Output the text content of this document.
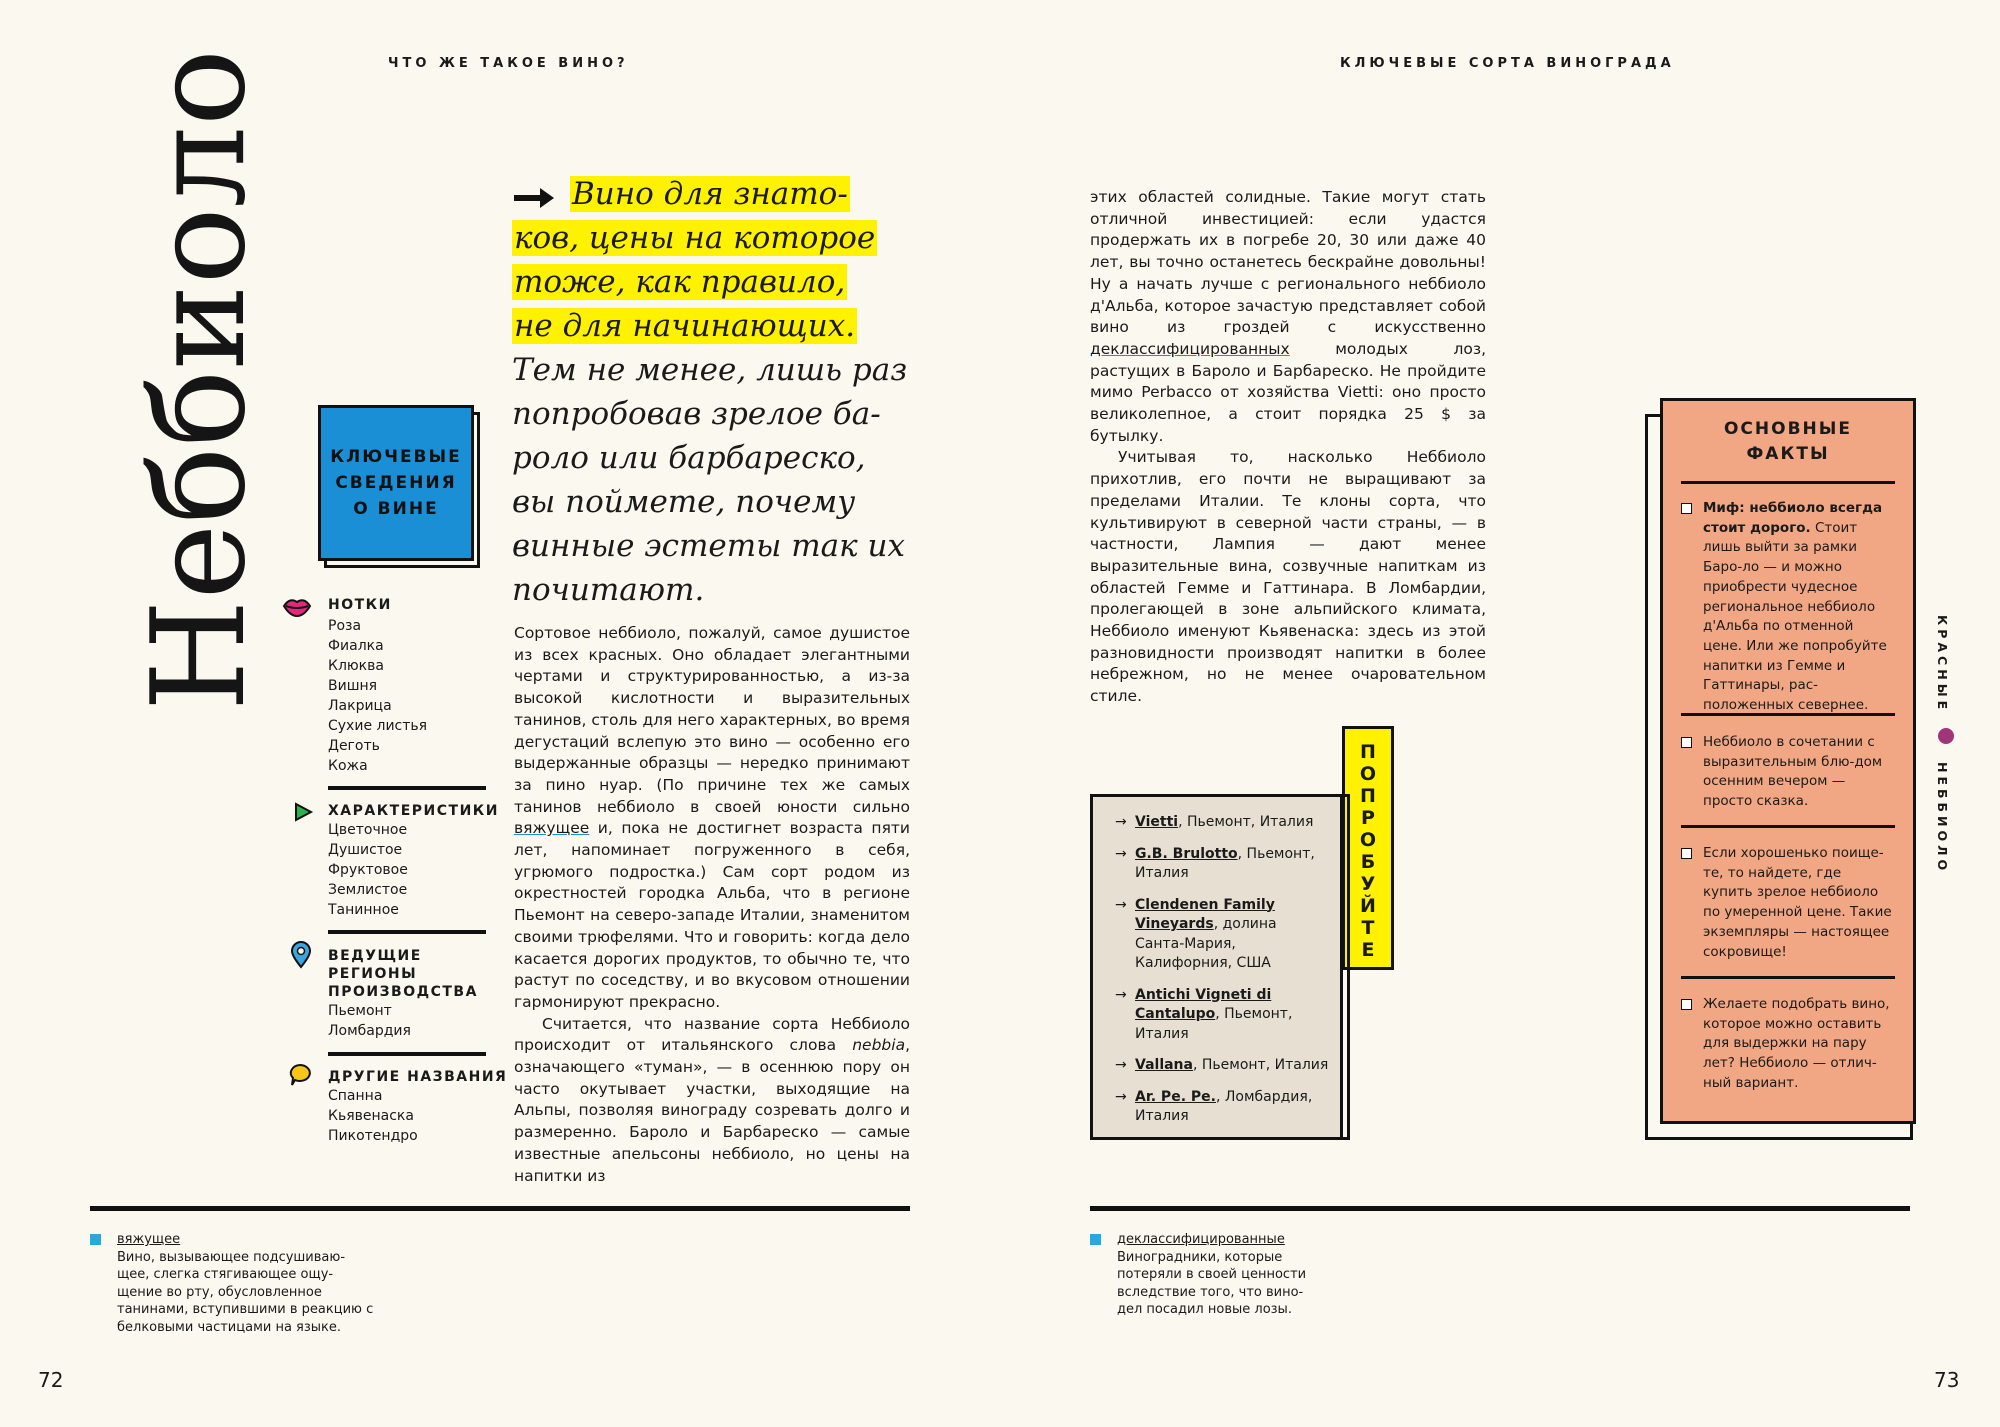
ЧТО ЖЕ ТАКОЕ ВИНО?	КЛЮЧЕВЫЕ СОРТА ВИНОГРАДА
Неббиоло	КЛЮЧЕВЫЕ
СВЕДЕНИЯ
О ВИНЕ
НОТКИ
Роза
Фиалка
Клюква
Вишня
Лакрица
Сухие листья
Деготь
Кожа
ХАРАКТЕРИСТИКИ
Цветочное
Душистое
Фруктовое
Землистое
Танинное
ВЕДУЩИЕ
РЕГИОНЫ
ПРОИЗВОДСТВА
Пьемонт
Ломбардия
ДРУГИЕ НАЗВАНИЯ
Спанна
Кьявенаска
Пикотендро
Вино для знато-
ков, цены на которое
тоже, как правило,
не для начинающих.
Тем не менее, лишь раз попробовав зрелое ба-роло или барбареско, вы поймете, почему винные эстеты так их почитают.

Сортовое неббиоло, пожалуй, самое душистое из всех красных. Оно обладает элегантными чертами и структурированностью, а из-за высокой кислотности и выразительных танинов, столь для него характерных, во время дегустаций вслепую это вино — особенно его выдержанные образцы — нередко принимают за пино нуар. (По причине тех же самых танинов неббиоло в своей юности сильно вяжущее и, пока не достигнет возраста пяти лет, напоминает погруженного в себя, угрюмого подростка.) Сам сорт родом из окрестностей городка Альба, что в регионе Пьемонт на северо-западе Италии, знаменитом своими трюфелями. Что и говорить: когда дело касается дорогих продуктов, то обычно те, что растут по соседству, и во вкусовом отношении гармонируют прекрасно.

Считается, что название сорта Неббиоло происходит от итальянского слова nebbia, означающего «туман», — в осеннюю пору он часто окутывает участки, выходящие на Альпы, позволяя винограду созревать долго и размеренно. Бароло и Барбареско — самые известные апельсоны неббиоло, но цены на напитки из

этих областей солидные. Такие могут стать отличной инвестицией: если удастся продержать их в погребе 20, 30 или даже 40 лет, вы точно останетесь бескрайне довольны! Ну а начать лучше с регионального неббиоло д'Альба, которое зачастую представляет собой вино из гроздей с искусственно деклассифицированных молодых лоз, растущих в Бароло и Барбареско. Не пройдите мимо Perbacco от хозяйства Vietti: оно просто великолепное, а стоит порядка 25 $ за бутылку.

Учитывая то, насколько Неббиоло прихотлив, его почти не выращивают за пределами Италии. Те клоны сорта, что культивируют в северной части страны, — в частности, Лампия — дают менее выразительные вина, созвучные напиткам из областей Гемме и Гаттинара. В Ломбардии, пролегающей в зоне альпийского климата, Неббиоло именуют Кьявенаска: здесь из этой разновидности производят напитки в более небрежном, но не менее очаровательном стиле.

П
О
П
Р
О
Б
У
Й
Т
Е
→ Vietti, Пьемонт, Италия
→ G.B. Brulotto, Пьемонт, Италия
→ Clendenen Family Vineyards, долина Санта-Мария, Калифорния, США
→ Antichi Vigneti di Cantalupo, Пьемонт, Италия
→ Vallana, Пьемонт, Италия
→ Ar. Pe. Pe., Ломбардия, Италия
ОСНОВНЫЕ
ФАКТЫ
Миф: неббиоло всегда стоит дорого. Стоит лишь выйти за рамки Баро-ло — и можно приобрести чудесное региональное неббиоло д'Альба по отменной цене. Или же попробуйте напитки из Гемме и Гаттинары, рас-положенных севернее.
Неббиоло в сочетании с выразительным блю-дом осенним вечером — просто сказка.
Если хорошенько поище-те, то найдете, где купить зрелое неббиоло по умеренной цене. Такие экземпляры — настоящее сокровище!
Желаете подобрать вино, которое можно оставить для выдержки на пару лет? Неббиоло — отлич-ный вариант.
КРАСНЫЕ
НЕББИОЛО
вяжущее
Вино, вызывающее подсушиваю-щее, слегка стягивающее ощу-щение во рту, обусловленное танинами, вступившими в реакцию с белковыми частицами на языке.
деклассифицированные
Виноградники, которые потеряли в своей ценности вследствие того, что вино-дел посадил новые лозы.
72	73
